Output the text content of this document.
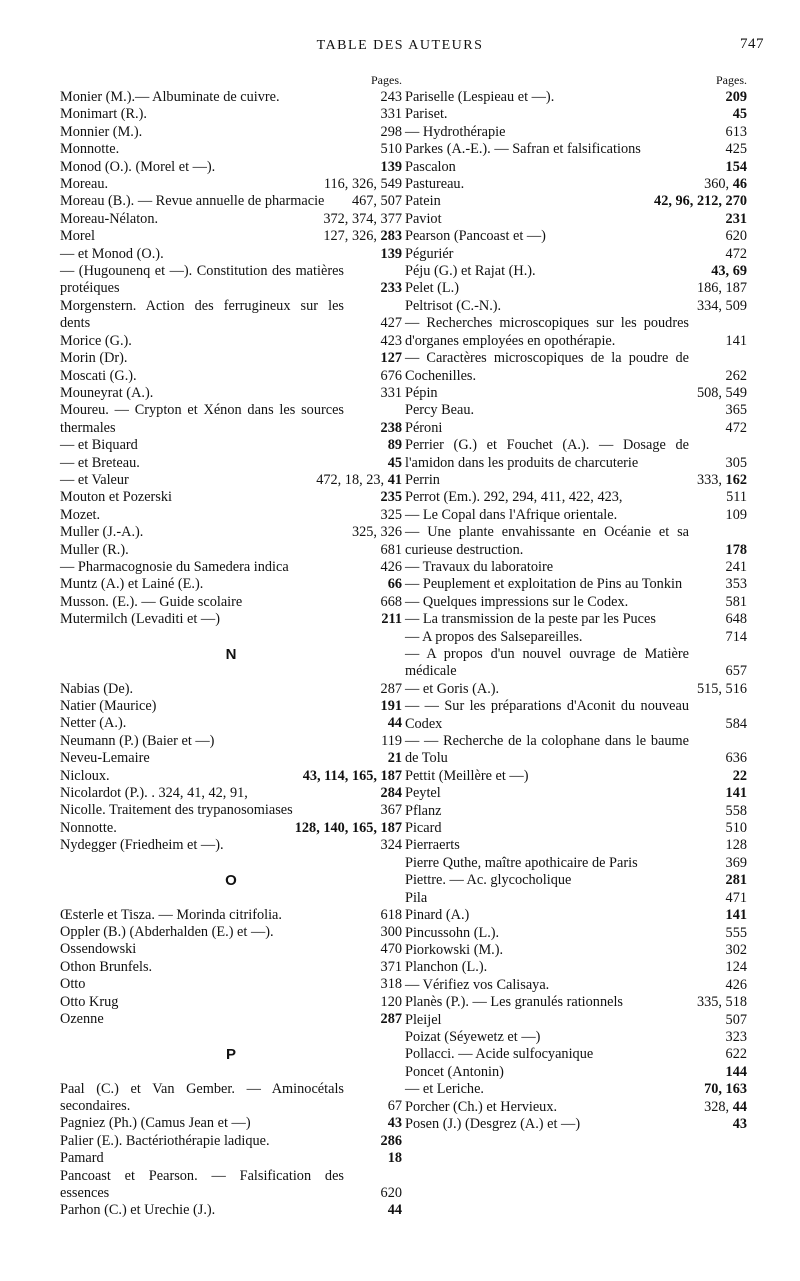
TABLE DES AUTEURS	747
Pages.
Monier (M.).— Albuminate de cuivre.	243
Monimart (R.).	331
Monnier (M.).	298
Monnotte.	510
Monod (O.). (Morel et —).	139
Moreau.	116, 326, 549
Moreau (B.). — Revue annuelle de pharmacie	467, 507
Moreau-Nélaton.	372, 374, 377
Morel	127, 326, 283
— et Monod (O.).	139
— (Hugounenq et —). Constitution des matières protéiques	233
Morgenstern. Action des ferrugineux sur les dents	427
Morice (G.).	423
Morin (Dr).	127
Moscati (G.).	676
Mouneyrat (A.).	331
Moureu. — Crypton et Xénon dans les sources thermales	238
— et Biquard	89
— et Breteau.	45
— et Valeur	472, 18, 23, 41
Mouton et Pozerski	235
Mozet.	325
Muller (J.-A.).	325, 326
Muller (R.).	681
— Pharmacognosie du Samedera indica	426
Muntz (A.) et Lainé (E.).	66
Musson. (E.). — Guide scolaire	668
Mutermilch (Levaditi et —)	211
N
Nabias (De).	287
Natier (Maurice)	191
Netter (A.).	44
Neumann (P.) (Baier et —)	119
Neveu-Lemaire	21
Nicloux.	43, 114, 165, 187
Nicolardot (P.). . 324, 41, 42, 91,	284
Nicolle. Traitement des trypanosomiases	367
Nonnotte.	128, 140, 165, 187
Nydegger (Friedheim et —).	324
O
Œsterle et Tisza. — Morinda citrifolia.	618
Oppler (B.) (Abderhalden (E.) et —).	300
Ossendowski	470
Othon Brunfels.	371
Otto	318
Otto Krug	120
Ozenne	287
P
Paal (C.) et Van Gember. — Aminocétals secondaires.	67
Pagniez (Ph.) (Camus Jean et —)	43
Palier (E.). Bactériothérapie ladique.	286
Pamard	18
Pancoast et Pearson. — Falsification des essences	620
Parhon (C.) et Urechie (J.).	44
Pages.
Pariselle (Lespieau et —).	209
Pariset.	45
— Hydrothérapie	613
Parkes (A.-E.). — Safran et falsifications	425
Pascalon	154
Pastureau.	360, 46
Patein	42, 96, 212, 270
Paviot	231
Pearson (Pancoast et —)	620
Péguriér	472
Péju (G.) et Rajat (H.).	43, 69
Pelet (L.)	186, 187
Peltrisot (C.-N.).	334, 509
— Recherches microscopiques sur les poudres d'organes employées en opothérapie.	141
— Caractères microscopiques de la poudre de Cochenilles.	262
Pépin	508, 549
Percy Beau.	365
Péroni	472
Perrier (G.) et Fouchet (A.). — Dosage de l'amidon dans les produits de charcuterie	305
Perrin	333, 162
Perrot (Em.). 292, 294, 411, 422, 423,	511
— Le Copal dans l'Afrique orientale.	109
— Une plante envahissante en Océanie et sa curieuse destruction.	178
— Travaux du laboratoire	241
— Peuplement et exploitation de Pins au Tonkin	353
— Quelques impressions sur le Codex.	581
— La transmission de la peste par les Puces	648
— A propos des Salsepareilles.	714
— A propos d'un nouvel ouvrage de Matière médicale	657
— et Goris (A.).	515, 516
— — Sur les préparations d'Aconit du nouveau Codex	584
— — Recherche de la colophane dans le baume de Tolu	636
Pettit (Meillère et —)	22
Peytel	141
Pflanz	558
Picard	510
Pierraerts	128
Pierre Quthe, maître apothicaire de Paris	369
Piettre. — Ac. glycocholique	281
Pila	471
Pinard (A.)	141
Pincussohn (L.).	555
Piorkowski (M.).	302
Planchon (L.).	124
— Vérifiez vos Calisaya.	426
Planès (P.). — Les granulés rationnels	335, 518
Pleijel	507
Poizat (Séyewetz et —)	323
Pollacci. — Acide sulfocyanique	622
Poncet (Antonin)	144
— et Leriche.	70, 163
Porcher (Ch.) et Hervieux.	328, 44
Posen (J.) (Desgrez (A.) et —)	43
